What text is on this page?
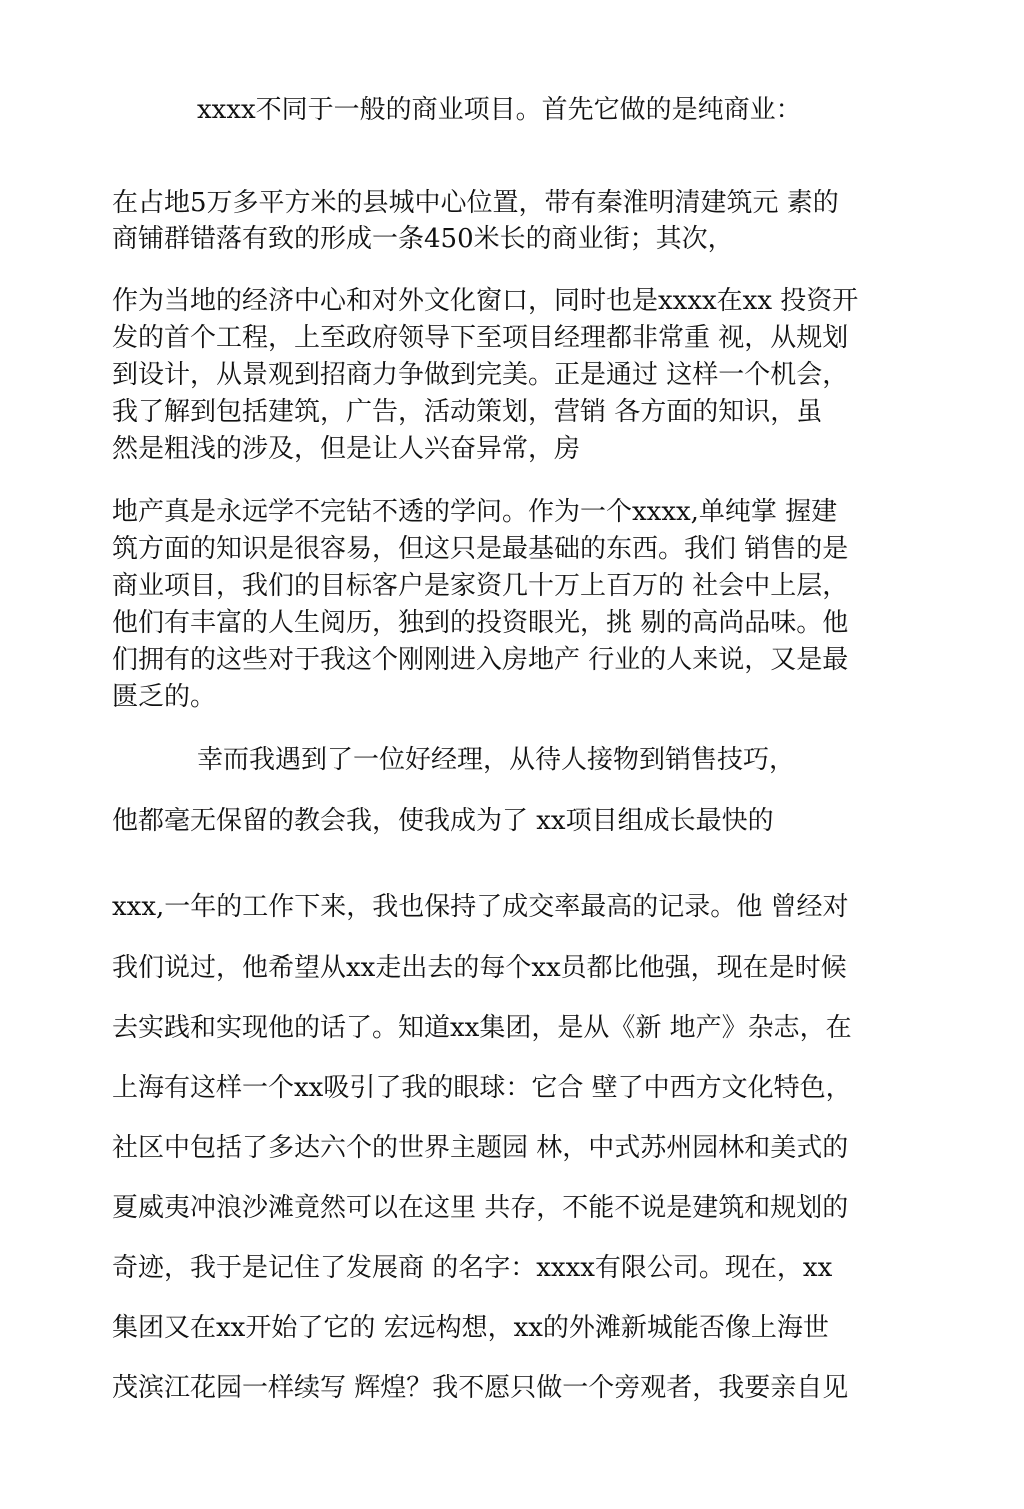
xxxx不同于一般的商业项目。首先它做的是纯商业：
在占地5万多平方米的县城中心位置，带有秦淮明清建筑元 素的
商铺群错落有致的形成一条450米长的商业街；其次，
作为当地的经济中心和对外文化窗口，同时也是xxxx在xx 投资开
发的首个工程，上至政府领导下至项目经理都非常重 视，从规划
到设计，从景观到招商力争做到完美。正是通过 这样一个机会，
我了解到包括建筑，广告，活动策划，营销 各方面的知识，虽
然是粗浅的涉及，但是让人兴奋异常，房
地产真是永远学不完钻不透的学问。作为一个xxxx,单纯掌 握建
筑方面的知识是很容易，但这只是最基础的东西。我们 销售的是
商业项目，我们的目标客户是家资几十万上百万的 社会中上层，
他们有丰富的人生阅历，独到的投资眼光，挑 剔的高尚品味。他
们拥有的这些对于我这个刚刚进入房地产 行业的人来说，又是最
匮乏的。
幸而我遇到了一位好经理，从待人接物到销售技巧，
他都毫无保留的教会我，使我成为了 xx项目组成长最快的
xxx,一年的工作下来，我也保持了成交率最高的记录。他 曾经对
我们说过，他希望从xx走出去的每个xx员都比他强，现在是时候
去实践和实现他的话了。知道xx集团，是从《新 地产》杂志，在
上海有这样一个xx吸引了我的眼球：它合 壁了中西方文化特色，
社区中包括了多达六个的世界主题园 林，中式苏州园林和美式的
夏威夷冲浪沙滩竟然可以在这里 共存，不能不说是建筑和规划的
奇迹，我于是记住了发展商 的名字：xxxx有限公司。现在，xx
集团又在xx开始了它的 宏远构想，xx的外滩新城能否像上海世
茂滨江花园一样续写 辉煌？我不愿只做一个旁观者，我要亲自见
